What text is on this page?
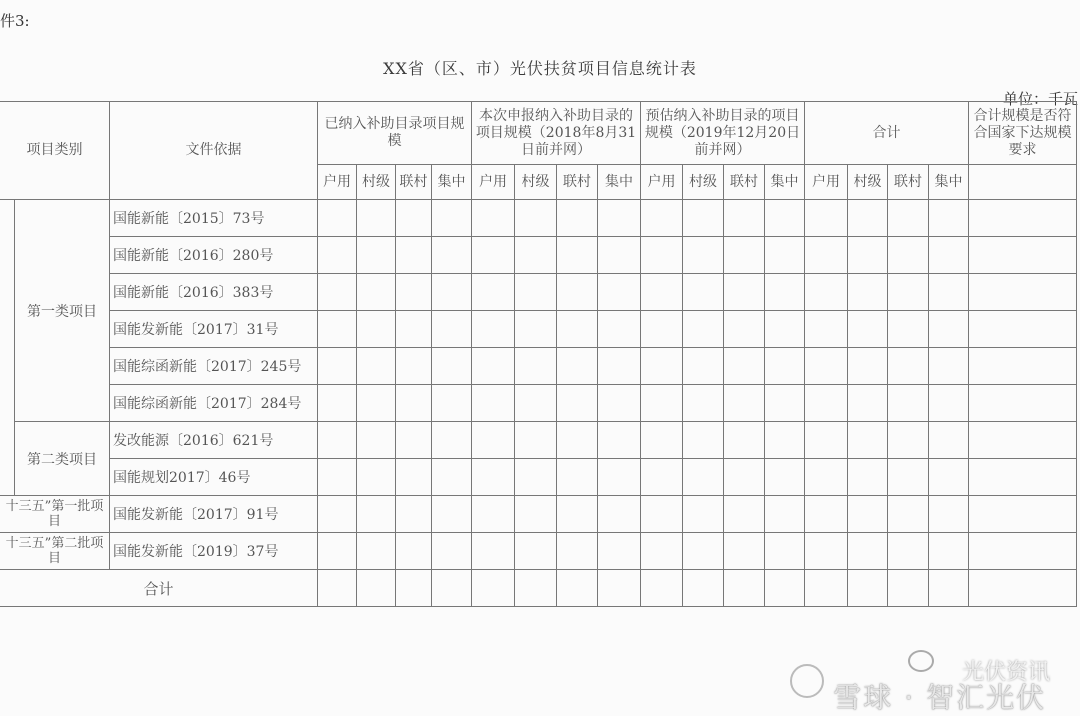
件3:
XX省（区、市）光伏扶贫项目信息统计表
单位：千瓦
项目类别		文件依据	已纳入补助目录项目规模				本次申报纳入补助目录的项目规模（2018年8月31日前并网）				预估纳入补助目录的项目规模（2019年12月20日前并网）				合计				合计规模是否符合国家下达规模要求
			户用	村级	联村	集中	户用	村级	联村	集中	户用	村级	联村	集中	户用	村级	联村	集中	
	第一类项目	国能新能〔2015〕73号																	
		国能新能〔2016〕280号																	
		国能新能〔2016〕383号																	
		国能发新能〔2017〕31号																	
		国能综函新能〔2017〕245号																	
		国能综函新能〔2017〕284号																	
	第二类项目	发改能源〔2016〕621号																	
		国能规划2017〕46号																	
十三五”第一批项目		国能发新能〔2017〕91号																	
十三五”第二批项目		国能发新能〔2019〕37号																	
合计																			
光伏资讯
雪球 · 智汇光伏
